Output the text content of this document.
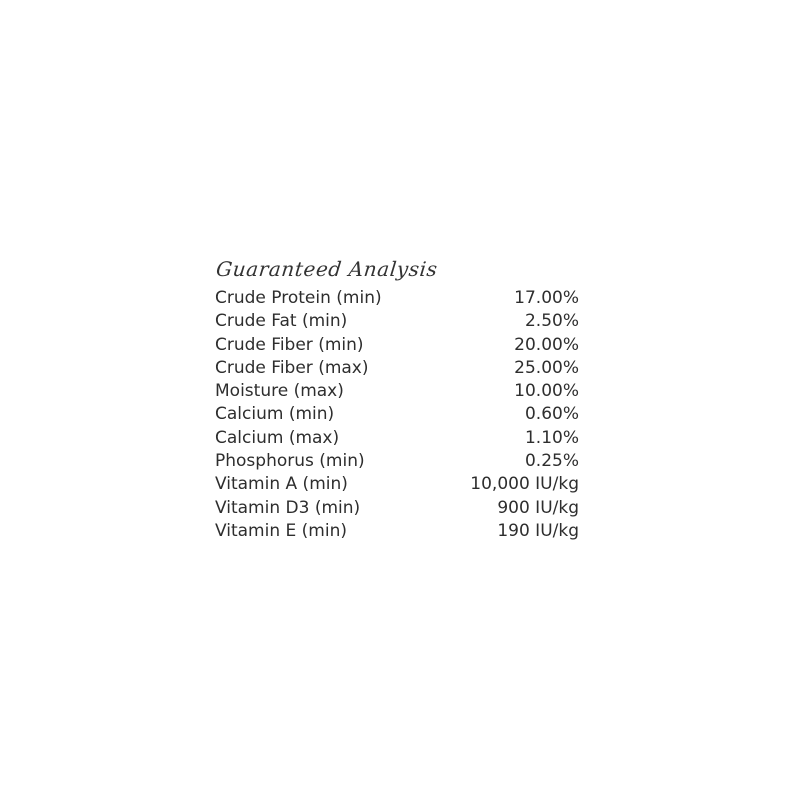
Guaranteed Analysis
Crude Protein (min)	17.00%
Crude Fat (min)	2.50%
Crude Fiber (min)	20.00%
Crude Fiber (max)	25.00%
Moisture (max)	10.00%
Calcium (min)	0.60%
Calcium (max)	1.10%
Phosphorus (min)	0.25%
Vitamin A (min)	10,000 IU/kg
Vitamin D3 (min)	900 IU/kg
Vitamin E (min)	190 IU/kg
